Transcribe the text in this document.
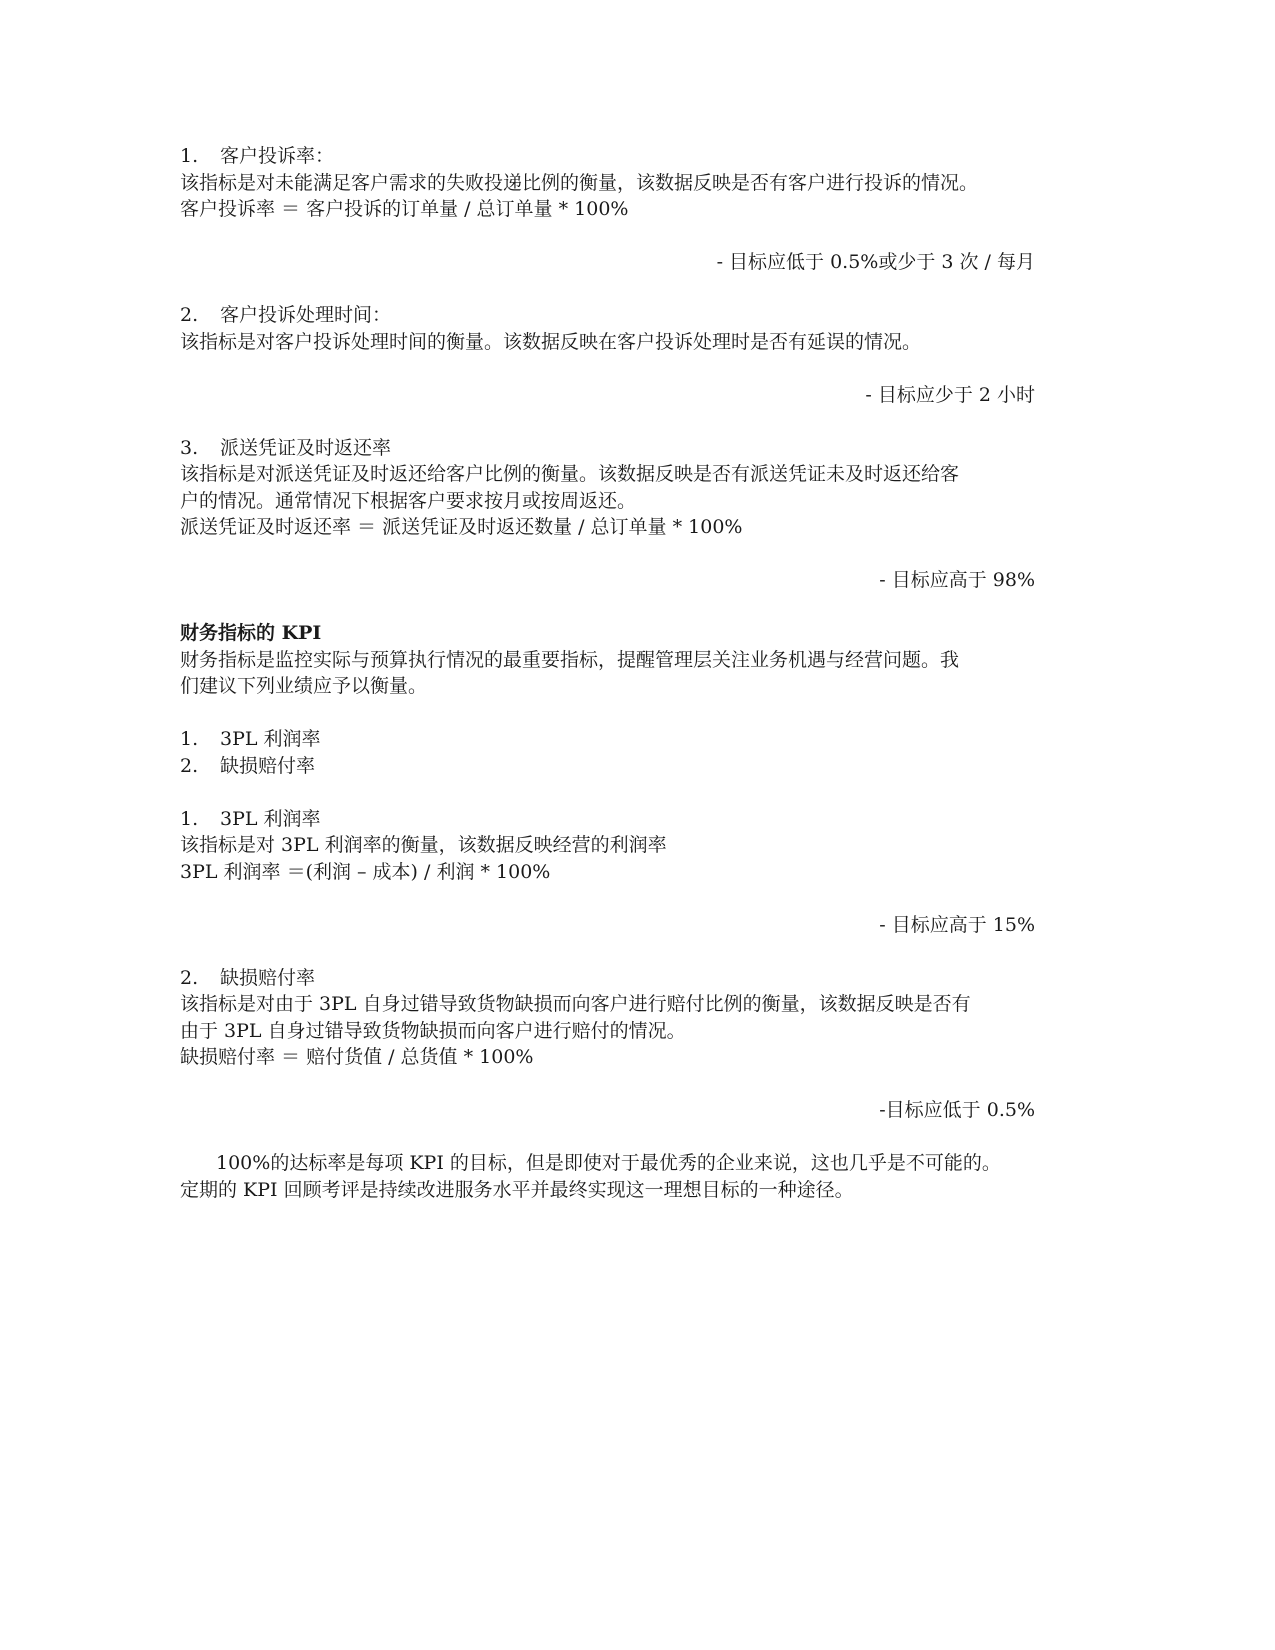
1. 客户投诉率：
该指标是对未能满足客户需求的失败投递比例的衡量，该数据反映是否有客户进行投诉的情况。
客户投诉率 ＝ 客户投诉的订单量 / 总订单量 * 100%
- 目标应低于 0.5%或少于 3 次 / 每月
2. 客户投诉处理时间：
该指标是对客户投诉处理时间的衡量。该数据反映在客户投诉处理时是否有延误的情况。
- 目标应少于 2 小时
3. 派送凭证及时返还率
该指标是对派送凭证及时返还给客户比例的衡量。该数据反映是否有派送凭证未及时返还给客
户的情况。通常情况下根据客户要求按月或按周返还。
派送凭证及时返还率 ＝ 派送凭证及时返还数量 / 总订单量 * 100%
- 目标应高于 98%
财务指标的 KPI
财务指标是监控实际与预算执行情况的最重要指标，提醒管理层关注业务机遇与经营问题。我
们建议下列业绩应予以衡量。
1. 3PL 利润率
2. 缺损赔付率
1. 3PL 利润率
该指标是对 3PL 利润率的衡量，该数据反映经营的利润率
3PL 利润率 ＝(利润 – 成本) / 利润 * 100%
- 目标应高于 15%
2. 缺损赔付率
该指标是对由于 3PL 自身过错导致货物缺损而向客户进行赔付比例的衡量，该数据反映是否有
由于 3PL 自身过错导致货物缺损而向客户进行赔付的情况。
缺损赔付率 ＝ 赔付货值 / 总货值 * 100%
-目标应低于 0.5%
100%的达标率是每项 KPI 的目标，但是即使对于最优秀的企业来说，这也几乎是不可能的。
定期的 KPI 回顾考评是持续改进服务水平并最终实现这一理想目标的一种途径。
